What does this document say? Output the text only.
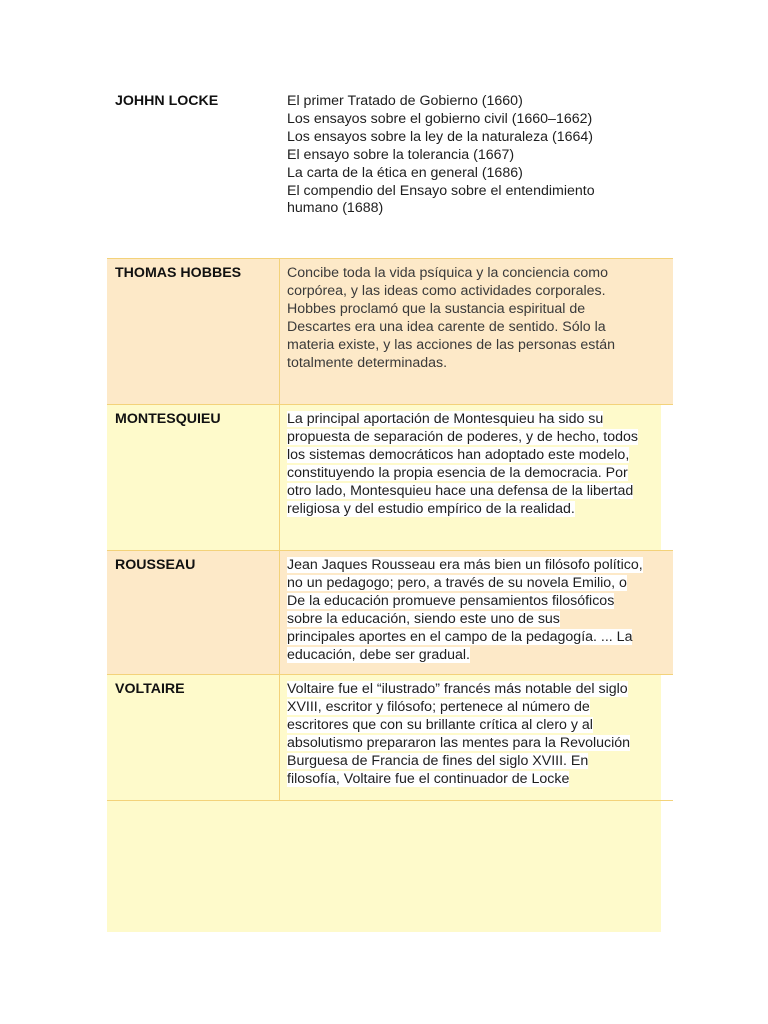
JOHHN LOCKE	El primer Tratado de Gobierno (1660)
Los ensayos sobre el gobierno civil (1660–1662)
Los ensayos sobre la ley de la naturaleza (1664)
El ensayo sobre la tolerancia (1667)
La carta de la ética en general (1686)
El compendio del Ensayo sobre el entendimiento
humano (1688)
THOMAS HOBBES	Concibe toda la vida psíquica y la conciencia como
corpórea, y las ideas como actividades corporales.
Hobbes proclamó que la sustancia espiritual de
Descartes era una idea carente de sentido. Sólo la
materia existe, y las acciones de las personas están
totalmente determinadas.
MONTESQUIEU	La principal aportación de Montesquieu ha sido su
propuesta de separación de poderes, y de hecho, todos
los sistemas democráticos han adoptado este modelo,
constituyendo la propia esencia de la democracia. Por
otro lado, Montesquieu hace una defensa de la libertad
religiosa y del estudio empírico de la realidad.
ROUSSEAU	Jean Jaques Rousseau era más bien un filósofo político,
no un pedagogo; pero, a través de su novela Emilio, o
De la educación promueve pensamientos filosóficos
sobre la educación, siendo este uno de sus
principales aportes en el campo de la pedagogía. ... La
educación, debe ser gradual.
VOLTAIRE	Voltaire fue el “ilustrado” francés más notable del siglo
XVIII, escritor y filósofo; pertenece al número de
escritores que con su brillante crítica al clero y al
absolutismo prepararon las mentes para la Revolución
Burguesa de Francia de fines del siglo XVIII. En
filosofía, Voltaire fue el continuador de Locke
